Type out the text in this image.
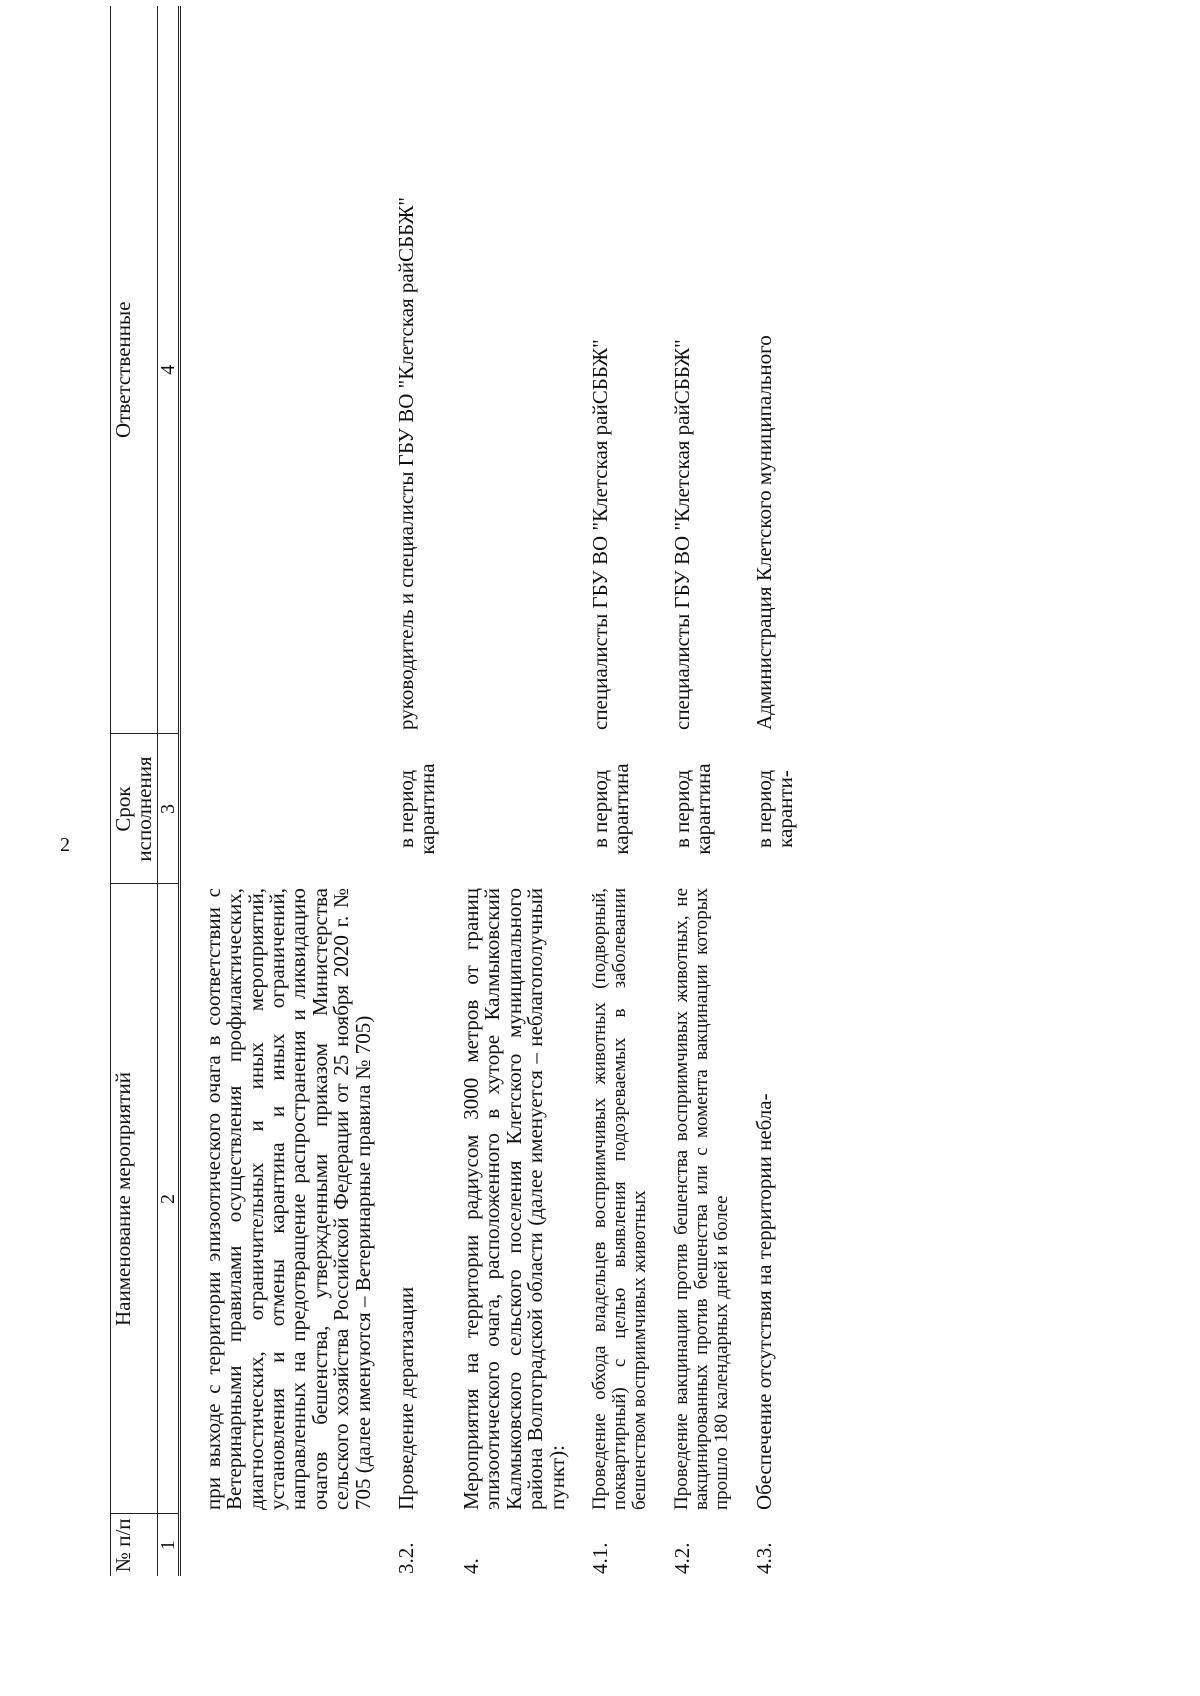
2
№ п/п	Наименование мероприятий	Срок исполнения	Ответственные
1	2	3	4
	при выходе с территории эпизоотического очага в соответствии с Ветеринарными правилами осуществления профилактических, диагностических, ограничительных и иных мероприятий, установления и отмены карантина и иных ограничений, направленных на предотвращение распространения и ликвидацию очагов бешенства, утвержденными приказом Министерства сельского хозяйства Российской Федерации от 25 ноября 2020 г. № 705 (далее именуются – Ветеринарные правила № 705)		
3.2.	Проведение дератизации	в период карантина	руководитель и специалисты ГБУ ВО "Клетская райСББЖ"
4.	Мероприятия на территории радиусом 3000 метров от границ эпизоотического очага, расположенного в хуторе Калмыковский Калмыковского сельского поселения Клетского муниципального района Волгоградской области (далее именуется – неблагополучный пункт):		
4.1.	Проведение обхода владельцев восприимчивых животных (подворный, поквартирный) с целью выявления подозреваемых в заболевании бешенством восприимчивых животных	в период карантина	специалисты ГБУ ВО "Клетская райСББЖ"
4.2.	Проведение вакцинации против бешенства восприимчивых животных, не вакцинированных против бешенства или с момента вакцинации которых прошло 180 календарных дней и более	в период карантина	специалисты ГБУ ВО "Клетская райСББЖ"
4.3.	Обеспечение отсутствия на территории небла-	в период каранти-	Администрация Клетского муниципального
